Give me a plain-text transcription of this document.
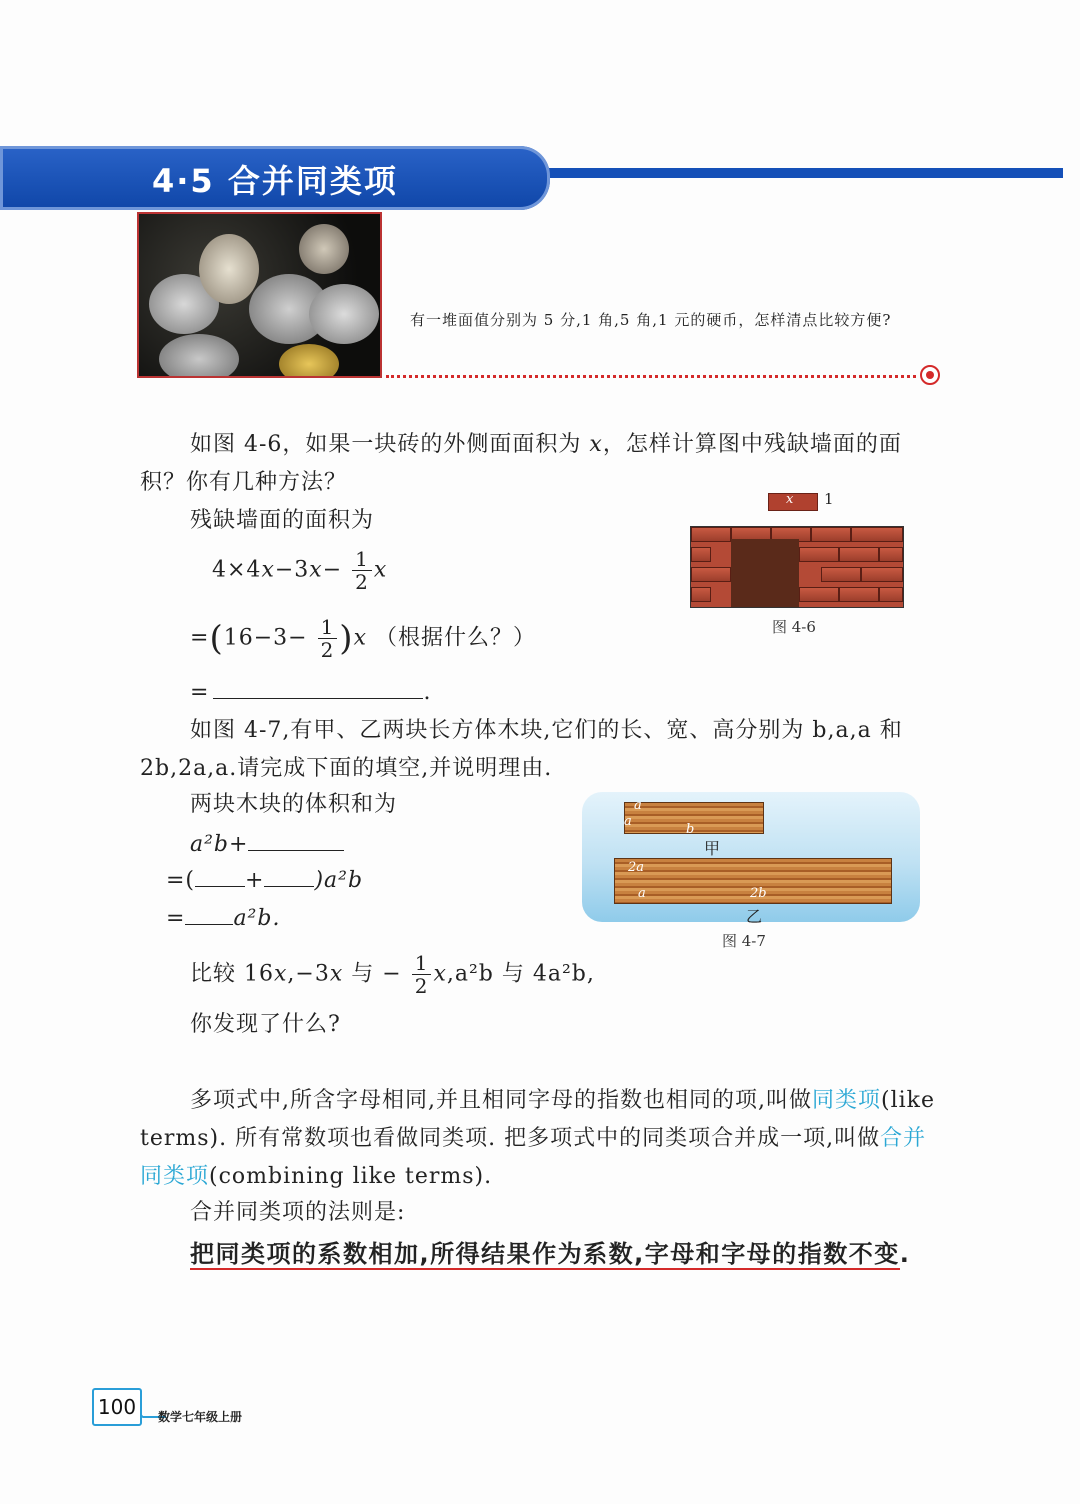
4·5 合并同类项
有一堆面值分别为 5 分,1 角,5 角,1 元的硬币，怎样清点比较方便?
如图 4-6，如果一块砖的外侧面面积为 x，怎样计算图中残缺墙面的面积？你有几种方法？
残缺墙面的面积为
$4\times 4x-3x- \frac{1}{2}$ x
$=(16-3- \frac{1}{2} )x$ （根据什么？）
=	.
x 1
图 4-6
如图 4-7,有甲、乙两块长方体木块,它们的长、宽、高分别为 b,a,a 和 2b,2a,a.请完成下面的填空,并说明理由.
两块木块的体积和为
a²b+
=( + )a²b
= a²b.
a
a
b
甲
2a
a	2b
乙
图 4-7
比较 16x,−3x 与 − $\frac{1}{2} x,a^2b$ 与 4a²b,
你发现了什么?
多项式中,所含字母相同,并且相同字母的指数也相同的项,叫做同类项(like terms). 所有常数项也看做同类项. 把多项式中的同类项合并成一项,叫做合并同类项(combining like terms).
合并同类项的法则是:
把同类项的系数相加,所得结果作为系数,字母和字母的指数不变.
100	数学七年级上册
